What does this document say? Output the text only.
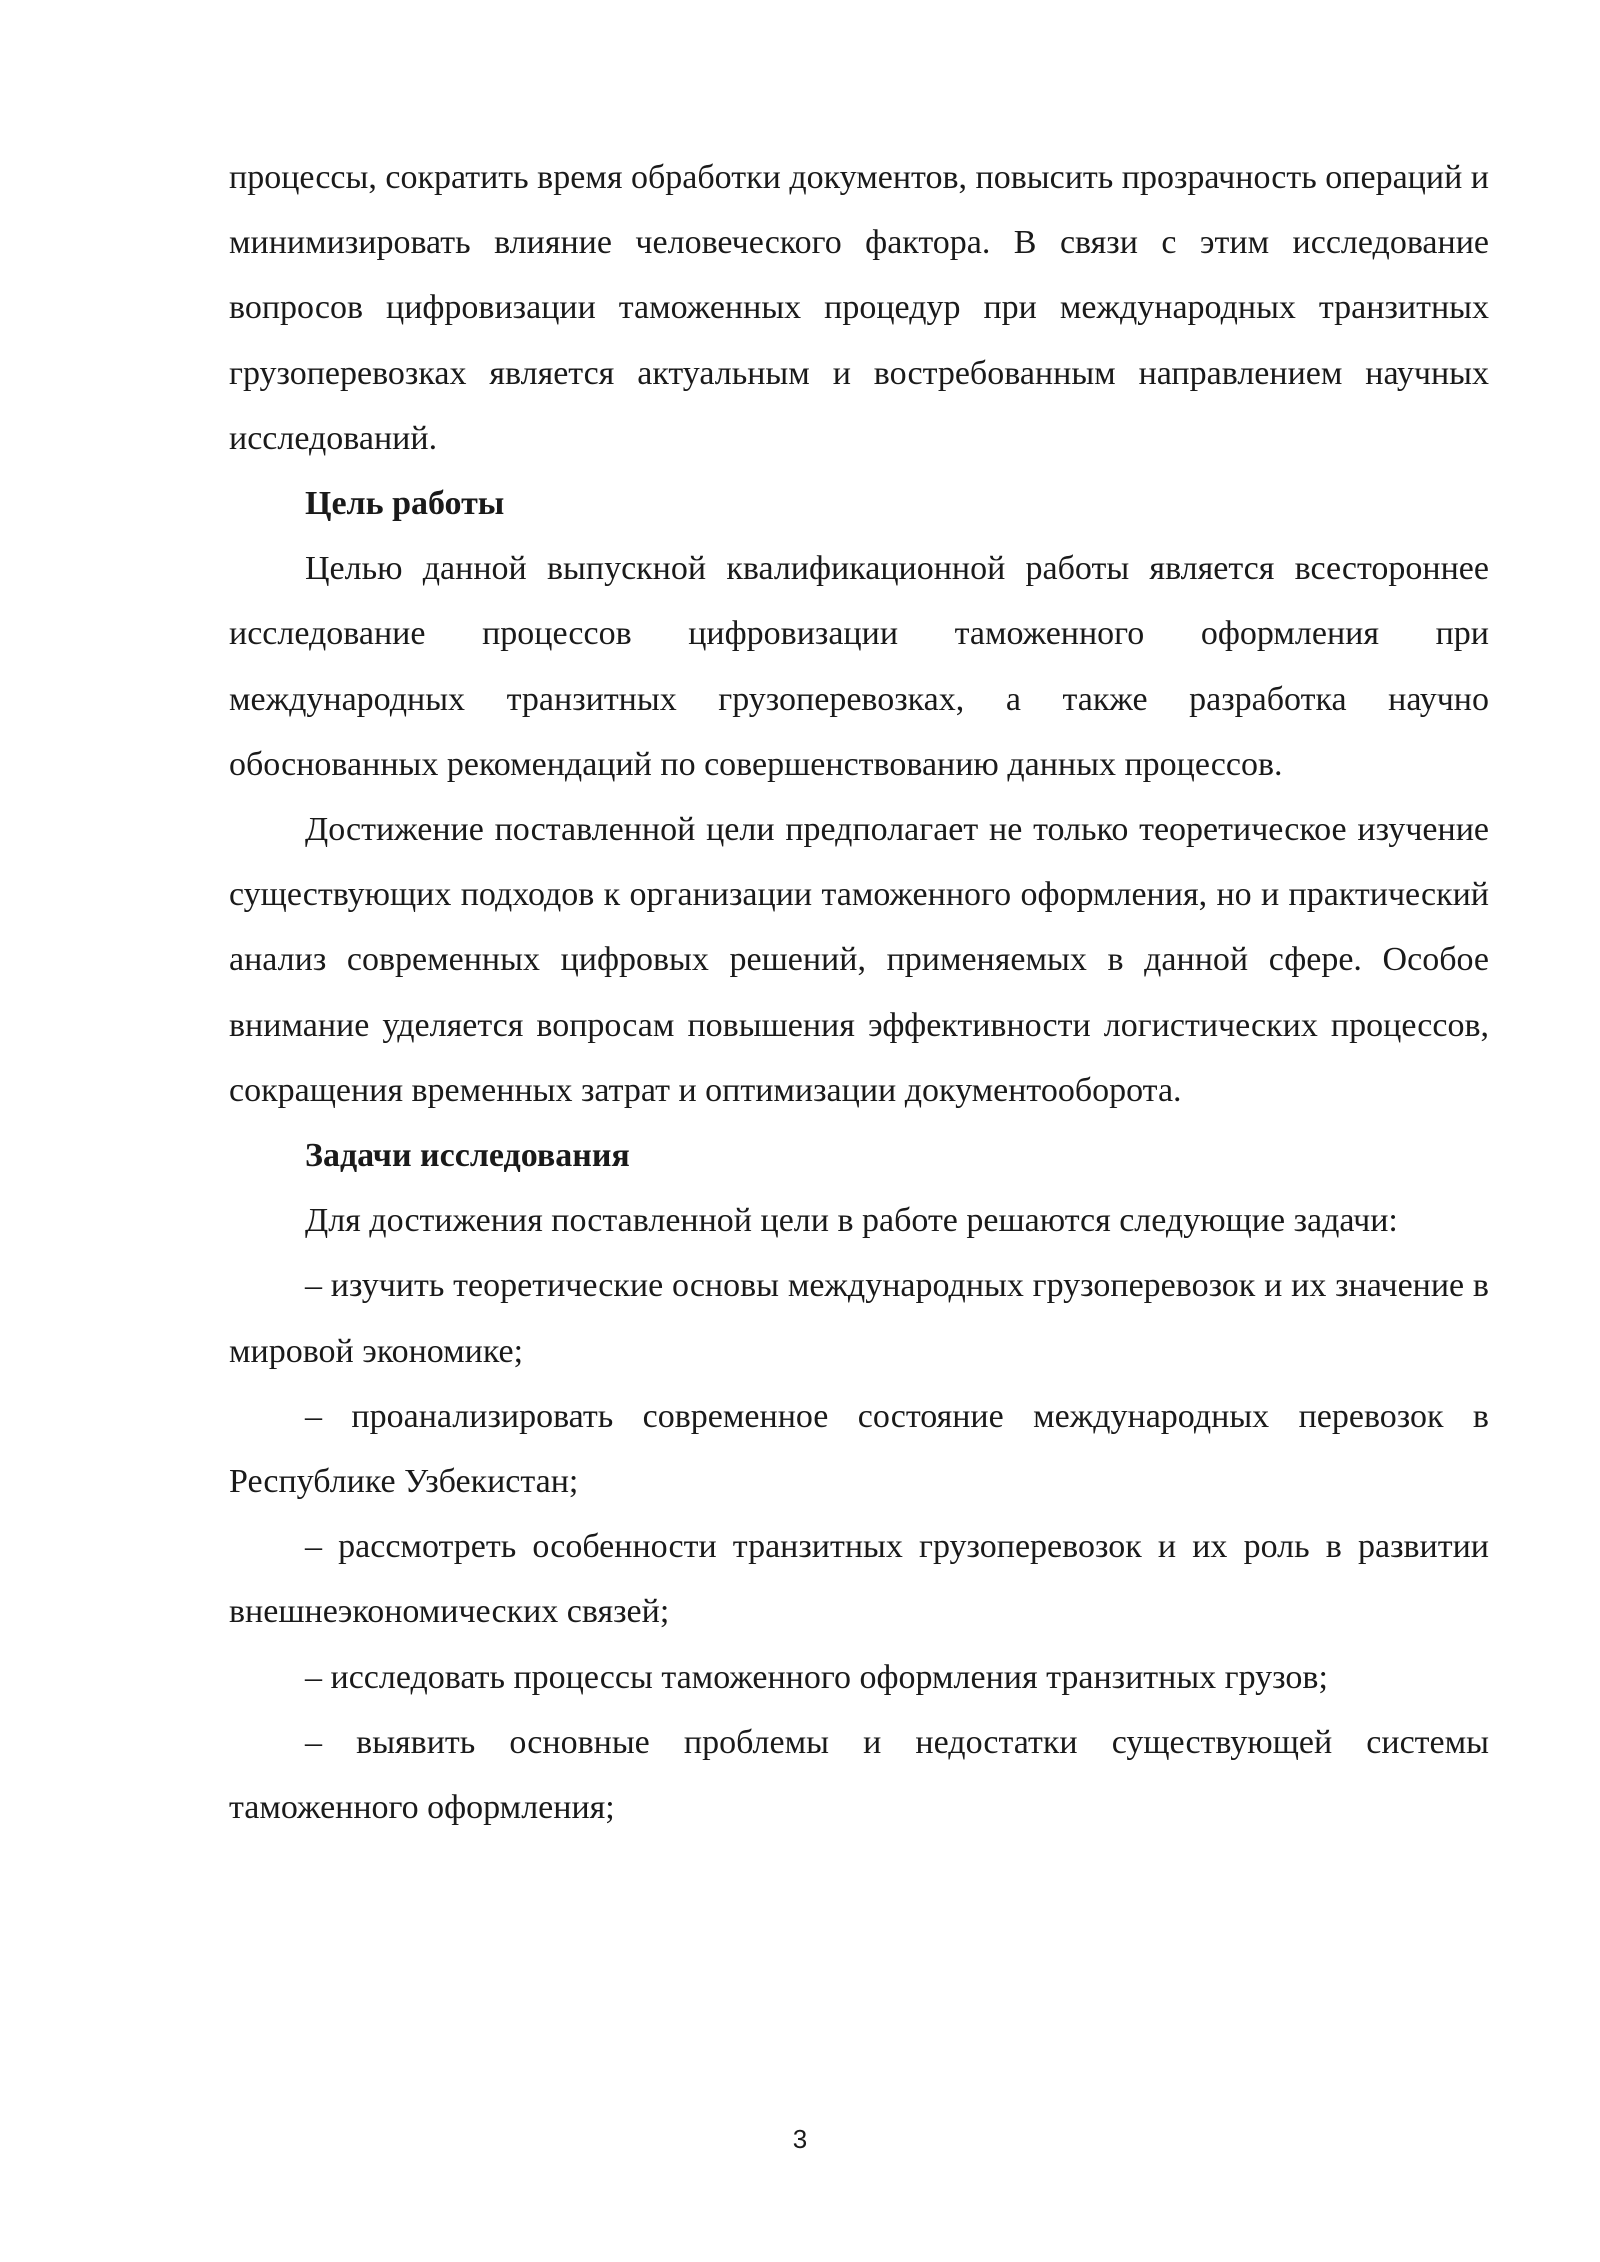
процессы, сократить время обработки документов, повысить прозрачность операций и минимизировать влияние человеческого фактора. В связи с этим исследование вопросов цифровизации таможенных процедур при международных транзитных грузоперевозках является актуальным и востребованным направлением научных исследований.

Цель работы

Целью данной выпускной квалификационной работы является всестороннее исследование процессов цифровизации таможенного оформления при международных транзитных грузоперевозках, а также разработка научно обоснованных рекомендаций по совершенствованию данных процессов.

Достижение поставленной цели предполагает не только теоретическое изучение существующих подходов к организации таможенного оформления, но и практический анализ современных цифровых решений, применяемых в данной сфере. Особое внимание уделяется вопросам повышения эффективности логистических процессов, сокращения временных затрат и оптимизации документооборота.

Задачи исследования

Для достижения поставленной цели в работе решаются следующие задачи:

– изучить теоретические основы международных грузоперевозок и их значение в мировой экономике;

– проанализировать современное состояние международных перевозок в Республике Узбекистан;

– рассмотреть особенности транзитных грузоперевозок и их роль в развитии внешнеэкономических связей;

– исследовать процессы таможенного оформления транзитных грузов;

– выявить основные проблемы и недостатки существующей системы таможенного оформления;

3
